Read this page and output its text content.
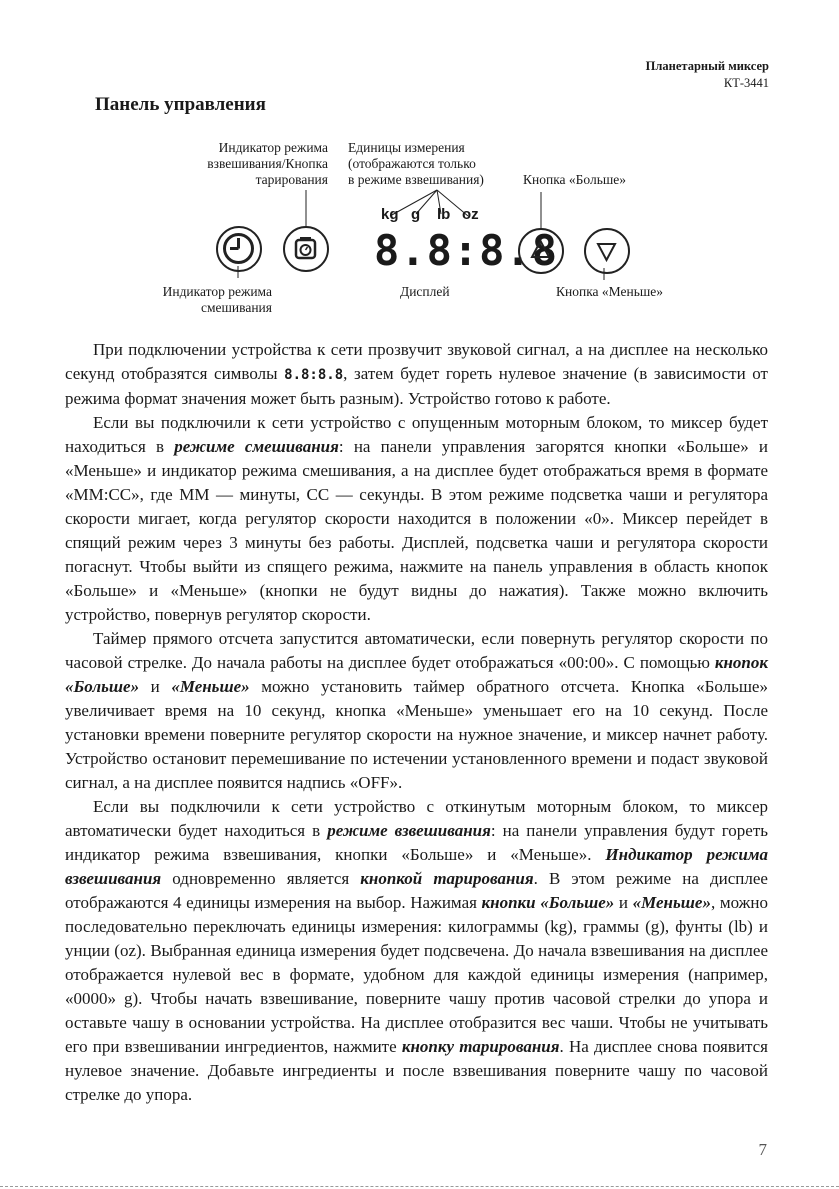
Планетарный миксер
КТ-3441
Панель управления
Индикатор режима
взвешивания/Кнопка
тарирования
Единицы измерения
(отображаются только
в режиме взвешивания)	Кнопка «Больше»
kg g lb oz
8.8:8.8
Индикатор режима
смешивания
Дисплей	Кнопка «Меньше»

При подключении устройства к сети прозвучит звуковой сигнал, а на дисплее на несколько секунд отобразятся символы 8.8:8.8, затем будет гореть нулевое значение (в зависимости от режима формат значения может быть разным). Устройство готово к работе.

Если вы подключили к сети устройство с опущенным моторным блоком, то миксер будет находиться в режиме смешивания: на панели управления загорятся кнопки «Больше» и «Меньше» и индикатор режима смешивания, а на дисплее будет отображаться время в формате «ММ:СС», где ММ — минуты, СС — секунды. В этом режиме подсветка чаши и регулятора скорости мигает, когда регулятор скорости находится в положении «0». Миксер перейдет в спящий режим через 3 минуты без работы. Дисплей, подсветка чаши и регулятора скорости погаснут. Чтобы выйти из спящего режима, нажмите на панель управления в область кнопок «Больше» и «Меньше» (кнопки не будут видны до нажатия). Также можно включить устройство, повернув регулятор скорости.

Таймер прямого отсчета запустится автоматически, если повернуть регулятор скорости по часовой стрелке. До начала работы на дисплее будет отображаться «00:00». С помощью кнопок «Больше» и «Меньше» можно установить таймер обратного отсчета. Кнопка «Больше» увеличивает время на 10 секунд, кнопка «Меньше» уменьшает его на 10 секунд. После установки времени поверните регулятор скорости на нужное значение, и миксер начнет работу. Устройство остановит перемешивание по истечении установленного времени и подаст звуковой сигнал, а на дисплее появится надпись «OFF».

Если вы подключили к сети устройство с откинутым моторным блоком, то миксер автоматически будет находиться в режиме взвешивания: на панели управления будут гореть индикатор режима взвешивания, кнопки «Больше» и «Меньше». Индикатор режима взвешивания одновременно является кнопкой тарирования. В этом режиме на дисплее отображаются 4 единицы измерения на выбор. Нажимая кнопки «Больше» и «Меньше», можно последовательно переключать единицы измерения: килограммы (kg), граммы (g), фунты (lb) и унции (oz). Выбранная единица измерения будет подсвечена. До начала взвешивания на дисплее отображается нулевой вес в формате, удобном для каждой единицы измерения (например, «0000» g). Чтобы начать взвешивание, поверните чашу против часовой стрелки до упора и оставьте чашу в основании устройства. На дисплее отобразится вес чаши. Чтобы не учитывать его при взвешивании ингредиентов, нажмите кнопку тарирования. На дисплее снова появится нулевое значение. Добавьте ингредиенты и после взвешивания поверните чашу по часовой стрелке до упора.

7
